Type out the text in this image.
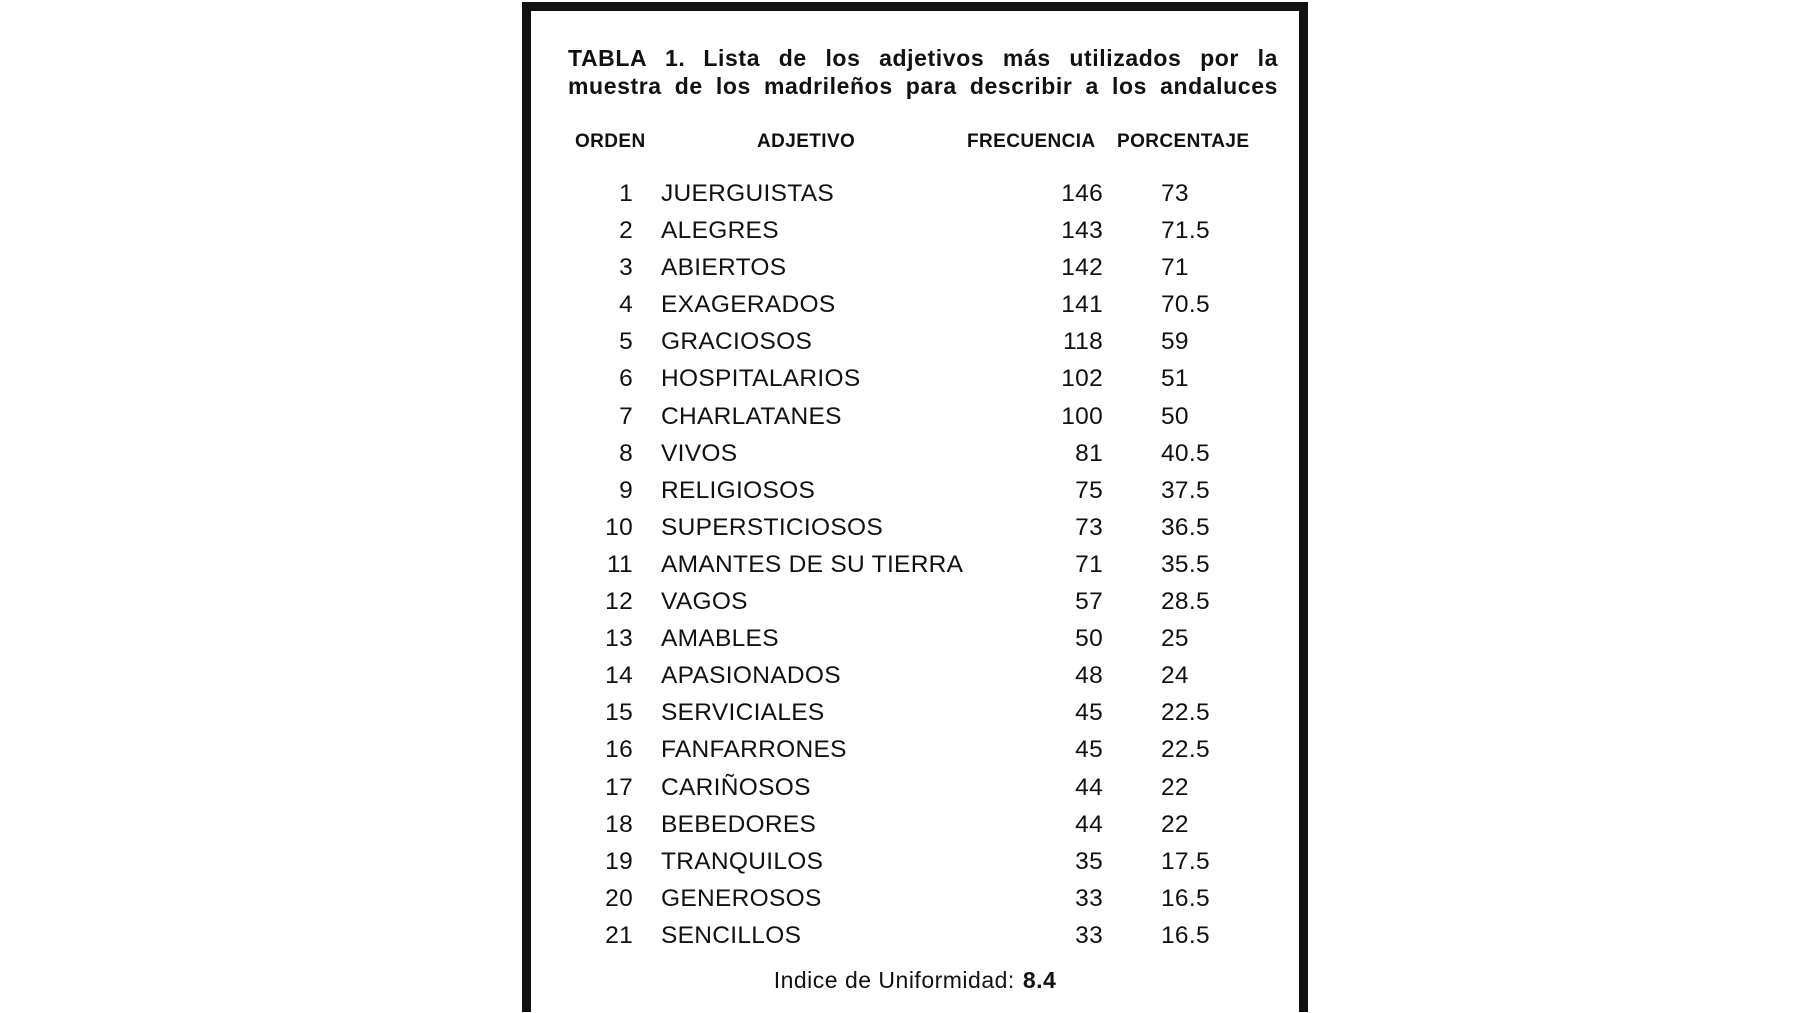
TABLA 1. Lista de los adjetivos más utilizados por la
muestra de los madrileños para describir a los andaluces
ORDEN	ADJETIVO	FRECUENCIA PORCENTAJE
1 JUERGUISTAS	146 73
2 ALEGRES	143 71.5
3 ABIERTOS	142 71
4 EXAGERADOS	141 70.5
5 GRACIOSOS	118 59
6 HOSPITALARIOS	102 51
7 CHARLATANES	100 50
8 VIVOS	81 40.5
9 RELIGIOSOS	75 37.5
10 SUPERSTICIOSOS	73 36.5
11 AMANTES DE SU TIERRA	71 35.5
12 VAGOS	57 28.5
13 AMABLES	50 25
14 APASIONADOS	48 24
15 SERVICIALES	45 22.5
16 FANFARRONES	45 22.5
17 CARIÑOSOS	44 22
18 BEBEDORES	44 22
19 TRANQUILOS	35 17.5
20 GENEROSOS	33 16.5
21 SENCILLOS	33 16.5
Indice de Uniformidad: 8.4
